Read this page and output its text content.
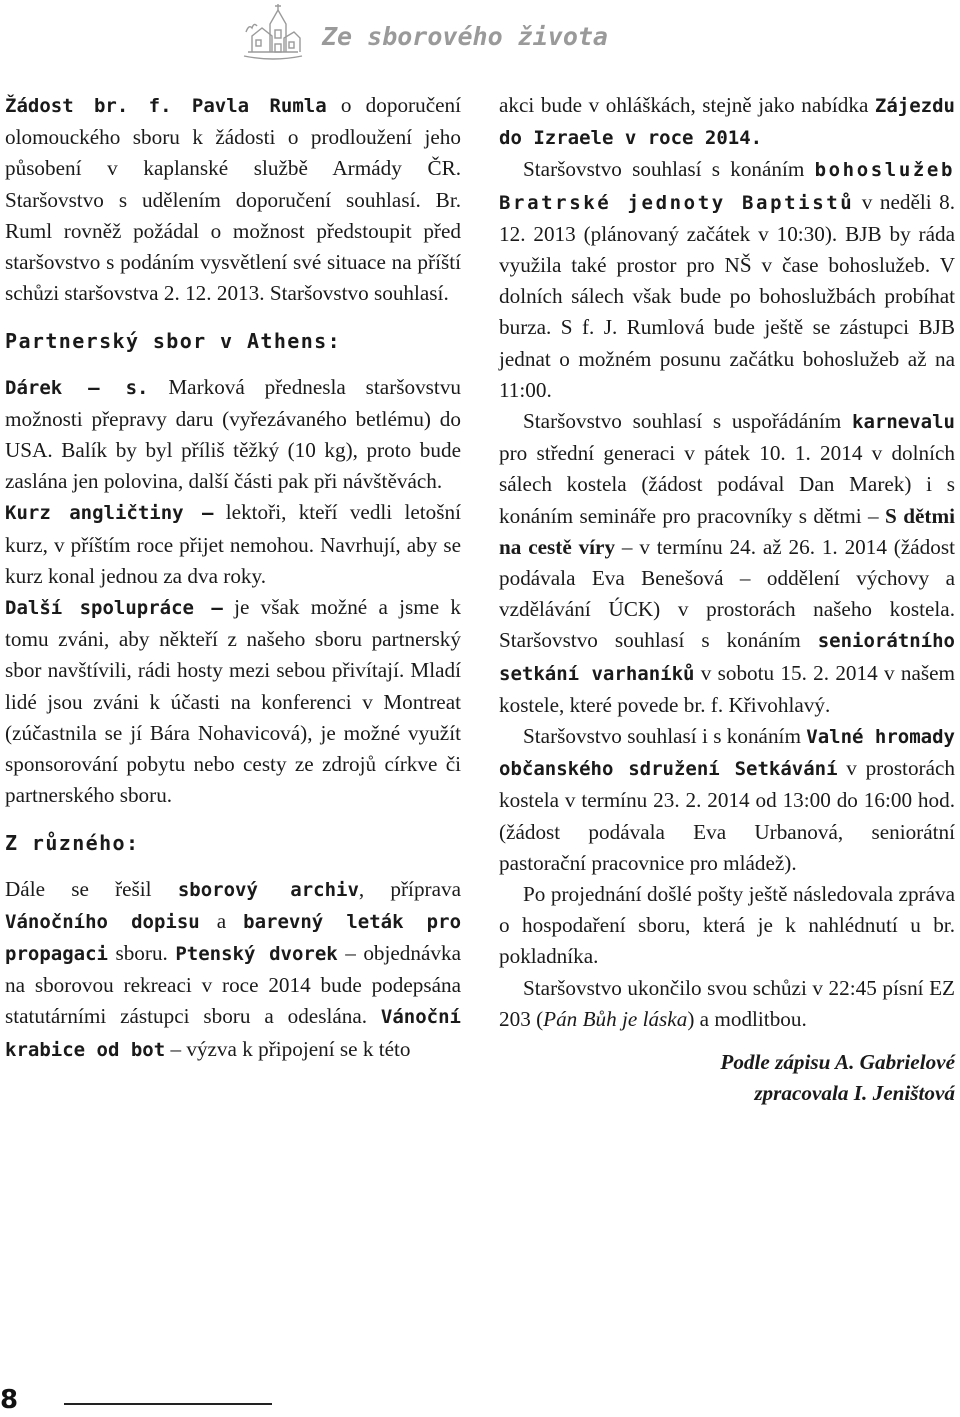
Ze sborového života

Žádost br. f. Pavla Rumla o doporučení olomouckého sboru k žádosti o prodloužení jeho působení v kaplanské službě Armády ČR. Staršovstvo s udělením doporučení souhlasí. Br. Ruml rovněž požádal o možnost předstoupit před staršovstvo s podáním vysvětlení své situace na příští schůzi staršovstva 2. 12. 2013. Staršovstvo souhlasí.

Partnerský sbor v Athens:

Dárek – s. Marková přednesla staršovstvu možnosti přepravy daru (vyřezávaného betlému) do USA. Balík by byl příliš těžký (10 kg), proto bude zaslána jen polovina, další části pak při návštěvách.

Kurz angličtiny – lektoři, kteří vedli letošní kurz, v příštím roce přijet nemohou. Navrhují, aby se kurz konal jednou za dva roky.

Další spolupráce – je však možné a jsme k tomu zváni, aby někteří z našeho sboru partnerský sbor navštívili, rádi hosty mezi sebou přivítají. Mladí lidé jsou zváni k účasti na konferenci v Montreat (zúčastnila se jí Bára Nohavicová), je možné využít sponsorování pobytu nebo cesty ze zdrojů církve či partnerského sboru.

Z různého:

Dále se řešil sborový archiv, příprava Vánočního dopisu a barevný leták pro propagaci sboru. Ptenský dvorek – objednávka na sborovou rekreaci v roce 2014 bude podepsána statutárními zástupci sboru a odeslána. Vánoční krabice od bot – výzva k připojení se k této

akci bude v ohláškách, stejně jako nabídka Zájezdu do Izraele v roce 2014.

Staršovstvo souhlasí s konáním bohoslužeb Bratrské jednoty Baptistů v neděli 8. 12. 2013 (plánovaný začátek v 10:30). BJB by ráda využila také prostor pro NŠ v čase bohoslužeb. V dolních sálech však bude po bohoslužbách probíhat burza. S f. J. Rumlová bude ještě se zástupci BJB jednat o možném posunu začátku bohoslužeb až na 11:00.

Staršovstvo souhlasí s uspořádáním karnevalu pro střední generaci v pátek 10. 1. 2014 v dolních sálech kostela (žádost podával Dan Marek) i s konáním semináře pro pracovníky s dětmi – S dětmi na cestě víry – v termínu 24. až 26. 1. 2014 (žádost podávala Eva Benešová – oddělení výchovy a vzdělávání ÚCK) v prostorách našeho kostela. Staršovstvo souhlasí s konáním seniorátního setkání varhaníků v sobotu 15. 2. 2014 v našem kostele, které povede br. f. Křivohlavý.

Staršovstvo souhlasí i s konáním Valné hromady občanského sdružení Setkávání v prostorách kostela v termínu 23. 2. 2014 od 13:00 do 16:00 hod. (žádost podávala Eva Urbanová, seniorátní pastorační pracovnice pro mládež).

Po projednání došlé pošty ještě následovala zpráva o hospodaření sboru, která je k nahlédnutí u br. pokladníka.

Staršovstvo ukončilo svou schůzi v 22:45 písní EZ 203 (Pán Bůh je láska) a modlitbou.

Podle zápisu A. Gabrielové
zpracovala I. Jeništová
8
